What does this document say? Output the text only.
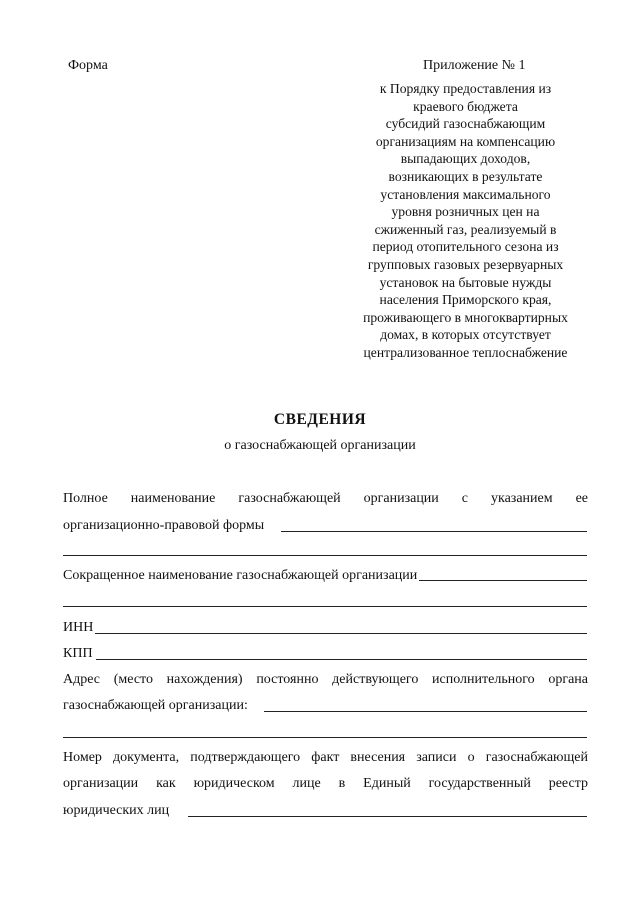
Форма	Приложение № 1
к Порядку предоставления из
краевого бюджета
субсидий газоснабжающим
организациям на компенсацию
выпадающих доходов,
возникающих в результате
установления максимального
уровня розничных цен на
сжиженный газ, реализуемый в
период отопительного сезона из
групповых газовых резервуарных
установок на бытовые нужды
населения Приморского края,
проживающего в многоквартирных
домах, в которых отсутствует
централизованное теплоснабжение
СВЕДЕНИЯ
о газоснабжающей организации
Полное наименование газоснабжающей организации с указанием ее
организационно-правовой формы
Сокращенное наименование газоснабжающей организации
ИНН
КПП
Адрес (место нахождения) постоянно действующего исполнительного органа
газоснабжающей организации:
Номер документа, подтверждающего факт внесения записи о газоснабжающей
организации как юридическом лице в Единый государственный реестр
юридических лиц
